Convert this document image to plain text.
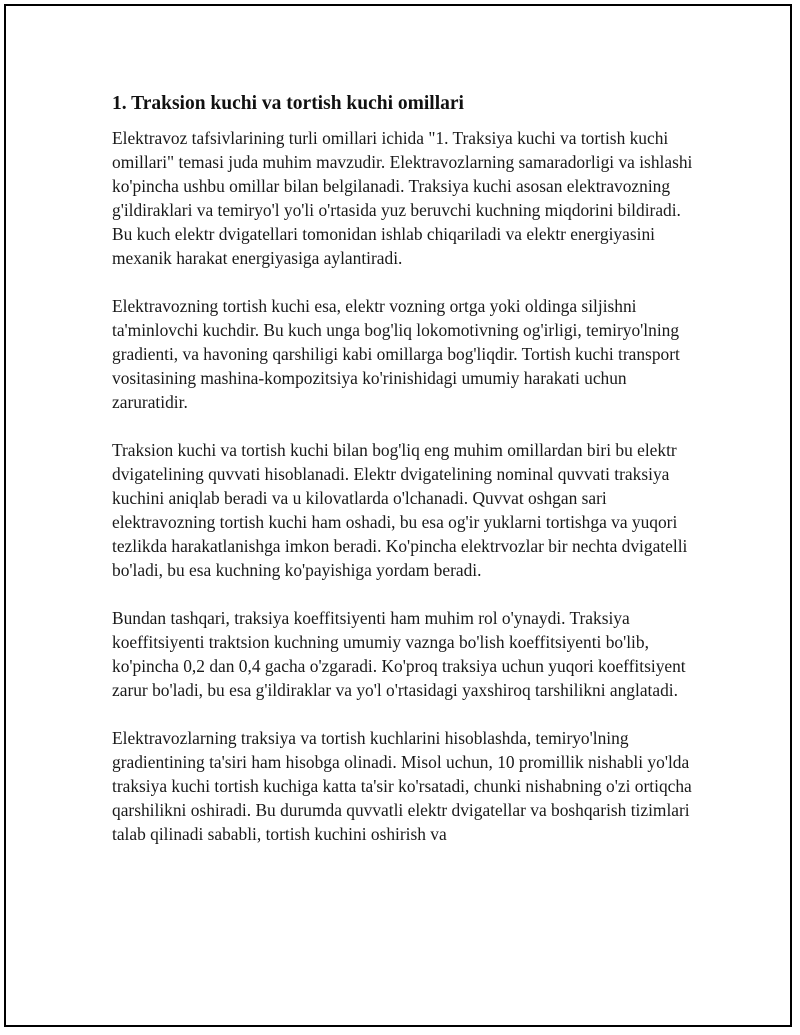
1. Traksion kuchi va tortish kuchi omillari

Elektravoz tafsivlarining turli omillari ichida "1. Traksiya kuchi va tortish kuchi omillari" temasi juda muhim mavzudir. Elektravozlarning samaradorligi va ishlashi ko'pincha ushbu omillar bilan belgilanadi. Traksiya kuchi asosan elektravozning g'ildiraklari va temiryo'l yo'li o'rtasida yuz beruvchi kuchning miqdorini bildiradi. Bu kuch elektr dvigatellari tomonidan ishlab chiqariladi va elektr energiyasini mexanik harakat energiyasiga aylantiradi.

Elektravozning tortish kuchi esa, elektr vozning ortga yoki oldinga siljishni ta'minlovchi kuchdir. Bu kuch unga bog'liq lokomotivning og'irligi, temiryo'lning gradienti, va havoning qarshiligi kabi omillarga bog'liqdir. Tortish kuchi transport vositasining mashina-kompozitsiya ko'rinishidagi umumiy harakati uchun zaruratidir.

Traksion kuchi va tortish kuchi bilan bog'liq eng muhim omillardan biri bu elektr dvigatelining quvvati hisoblanadi. Elektr dvigatelining nominal quvvati traksiya kuchini aniqlab beradi va u kilovatlarda o'lchanadi. Quvvat oshgan sari elektravozning tortish kuchi ham oshadi, bu esa og'ir yuklarni tortishga va yuqori tezlikda harakatlanishga imkon beradi. Ko'pincha elektrvozlar bir nechta dvigatelli bo'ladi, bu esa kuchning ko'payishiga yordam beradi.

Bundan tashqari, traksiya koeffitsiyenti ham muhim rol o'ynaydi. Traksiya koeffitsiyenti traktsion kuchning umumiy vaznga bo'lish koeffitsiyenti bo'lib, ko'pincha 0,2 dan 0,4 gacha o'zgaradi. Ko'proq traksiya uchun yuqori koeffitsiyent zarur bo'ladi, bu esa g'ildiraklar va yo'l o'rtasidagi yaxshiroq tarshilikni anglatadi.

Elektravozlarning traksiya va tortish kuchlarini hisoblashda, temiryo'lning gradientining ta'siri ham hisobga olinadi. Misol uchun, 10 promillik nishabli yo'lda traksiya kuchi tortish kuchiga katta ta'sir ko'rsatadi, chunki nishabning o'zi ortiqcha qarshilikni oshiradi. Bu durumda quvvatli elektr dvigatellar va boshqarish tizimlari talab qilinadi sababli, tortish kuchini oshirish va
